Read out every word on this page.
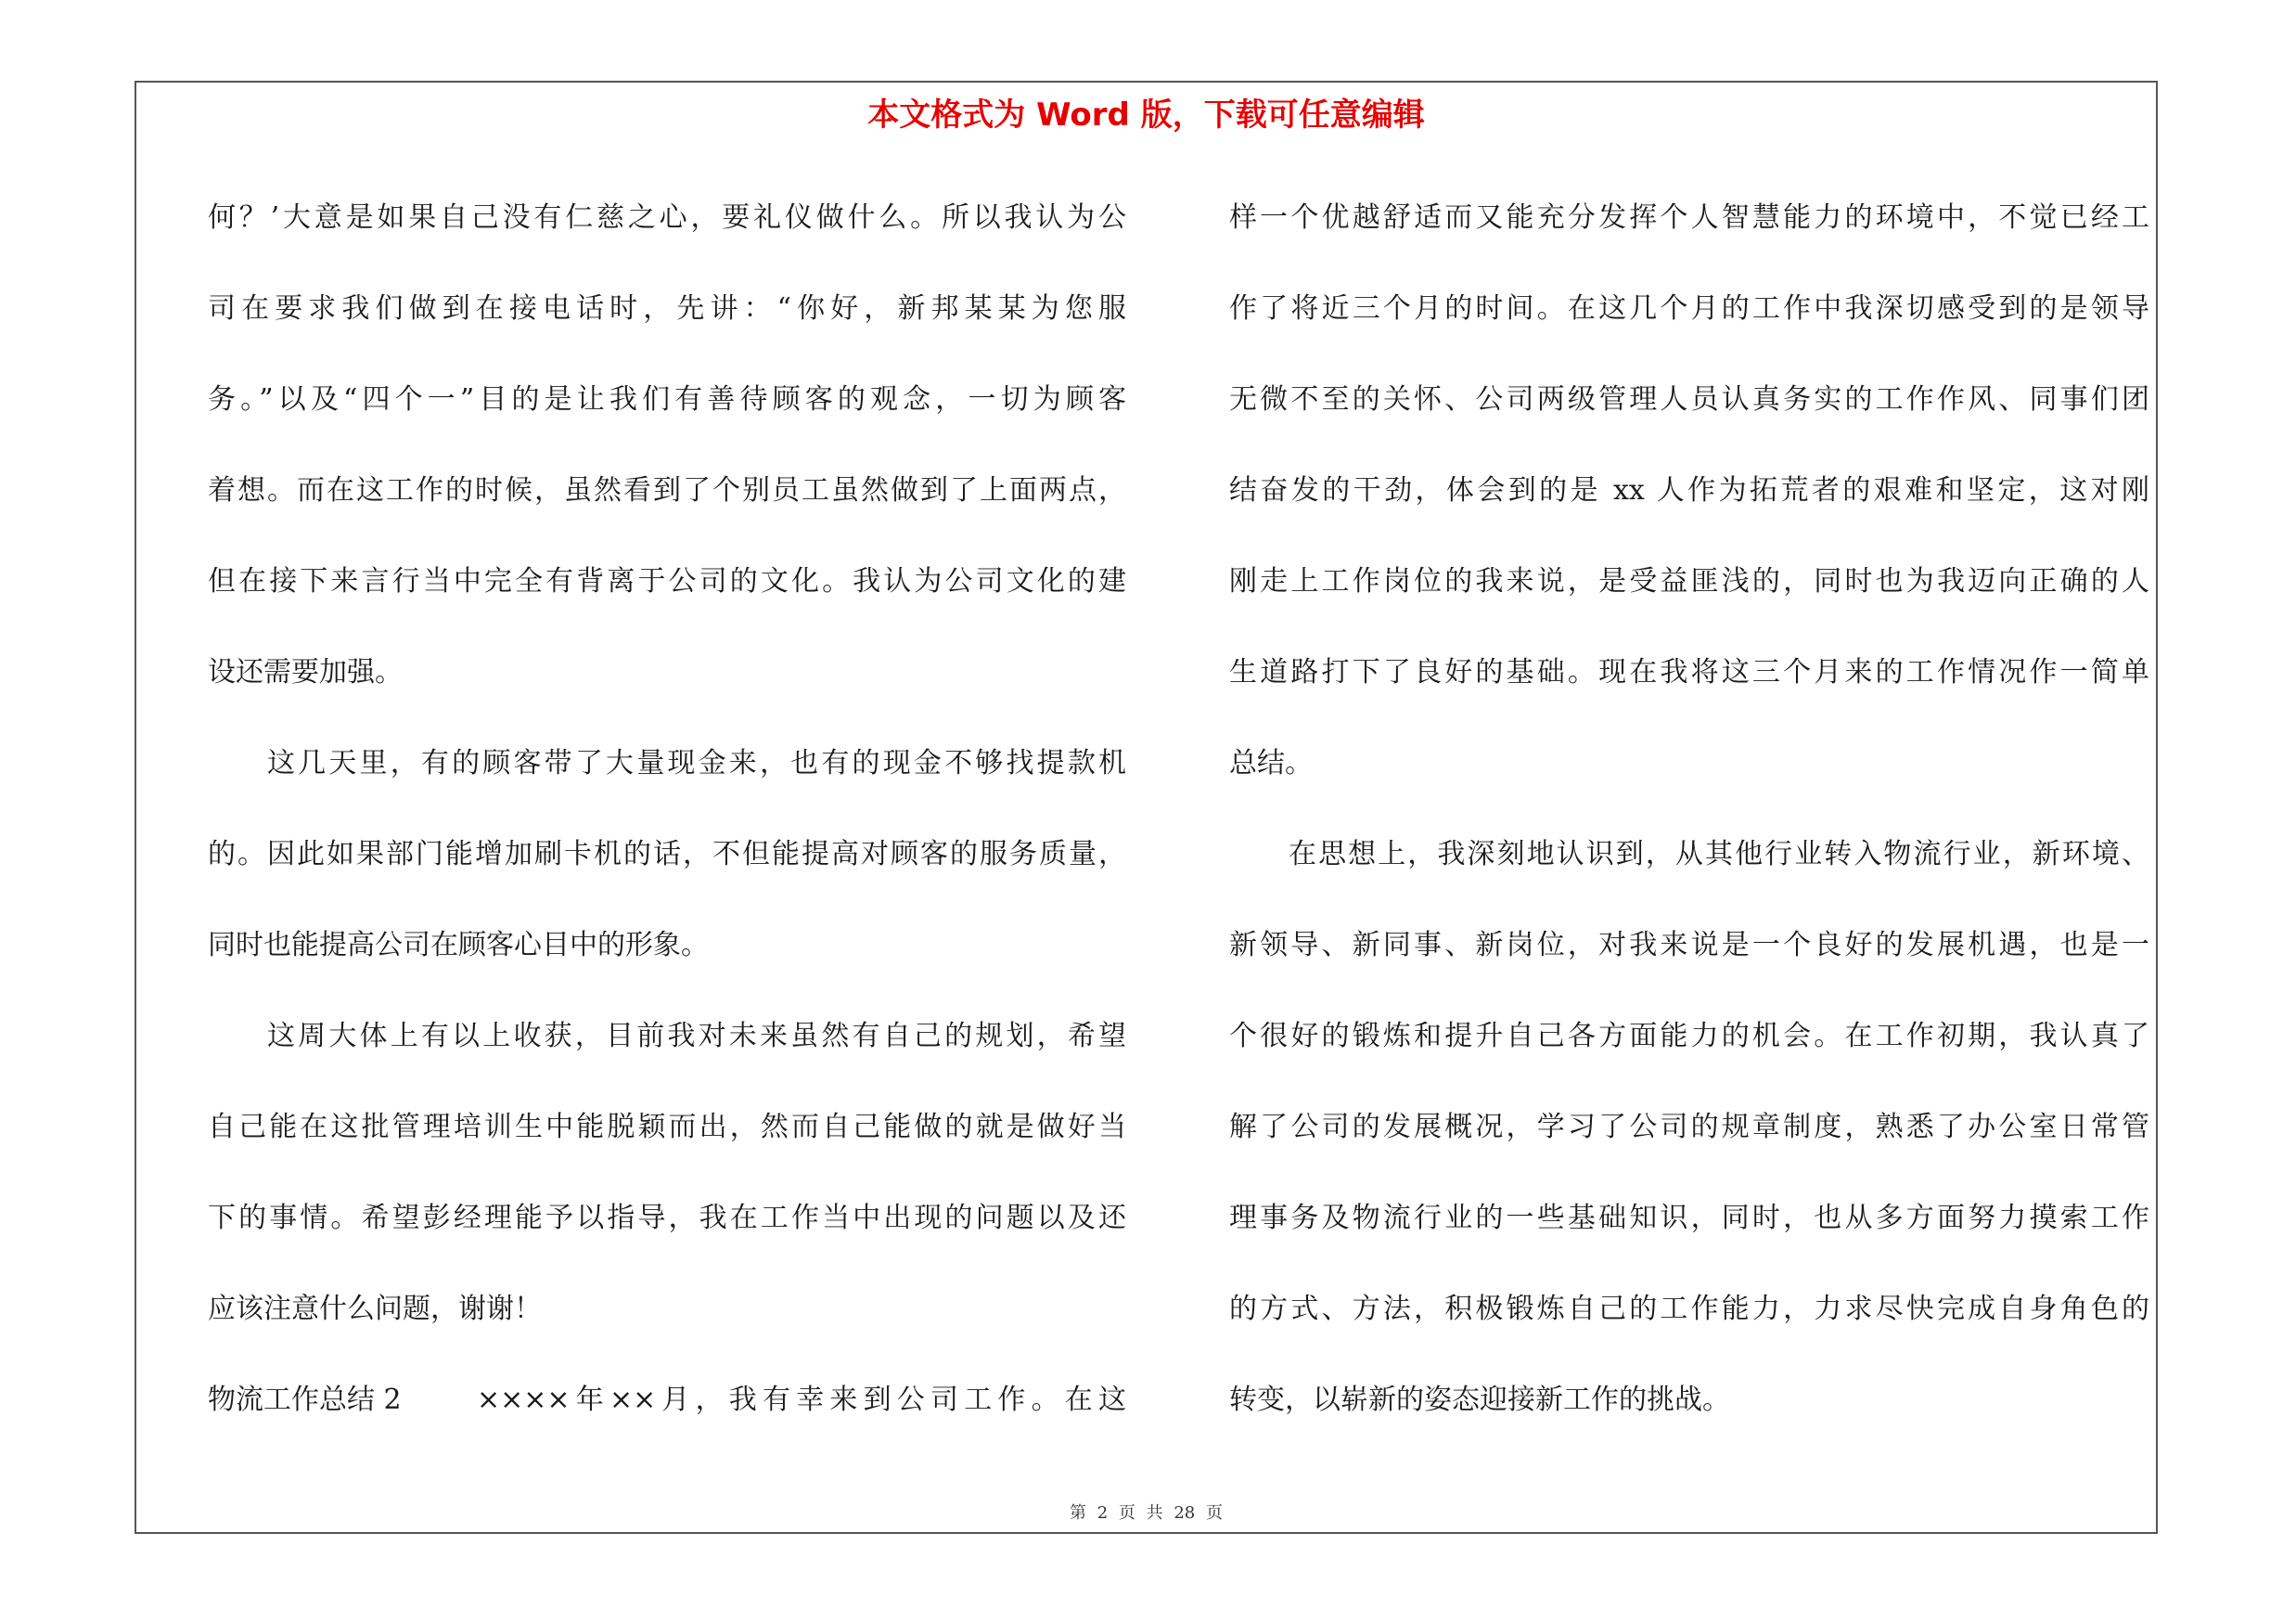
本文格式为 Word 版，下载可任意编辑
何？’大意是如果自己没有仁慈之心，要礼仪做什么。所以我认为公
司在要求我们做到在接电话时，先讲：“你好，新邦某某为您服
务。”以及“四个一”目的是让我们有善待顾客的观念，一切为顾客
着想。而在这工作的时候，虽然看到了个别员工虽然做到了上面两点，
但在接下来言行当中完全有背离于公司的文化。我认为公司文化的建
设还需要加强。
这几天里，有的顾客带了大量现金来，也有的现金不够找提款机
的。因此如果部门能增加刷卡机的话，不但能提高对顾客的服务质量，
同时也能提高公司在顾客心目中的形象。
这周大体上有以上收获，目前我对未来虽然有自己的规划，希望
自己能在这批管理培训生中能脱颖而出，然而自己能做的就是做好当
下的事情。希望彭经理能予以指导，我在工作当中出现的问题以及还
应该注意什么问题，谢谢！
物流工作总结 2	××××年××月，我有幸来到公司工作。在这
样一个优越舒适而又能充分发挥个人智慧能力的环境中，不觉已经工
作了将近三个月的时间。在这几个月的工作中我深切感受到的是领导
无微不至的关怀、公司两级管理人员认真务实的工作作风、同事们团
结奋发的干劲，体会到的是 xx 人作为拓荒者的艰难和坚定，这对刚
刚走上工作岗位的我来说，是受益匪浅的，同时也为我迈向正确的人
生道路打下了良好的基础。现在我将这三个月来的工作情况作一简单
总结。
在思想上，我深刻地认识到，从其他行业转入物流行业，新环境、
新领导、新同事、新岗位，对我来说是一个良好的发展机遇，也是一
个很好的锻炼和提升自己各方面能力的机会。在工作初期，我认真了
解了公司的发展概况，学习了公司的规章制度，熟悉了办公室日常管
理事务及物流行业的一些基础知识，同时，也从多方面努力摸索工作
的方式、方法，积极锻炼自己的工作能力，力求尽快完成自身角色的
转变，以崭新的姿态迎接新工作的挑战。
第 2 页 共 28 页
